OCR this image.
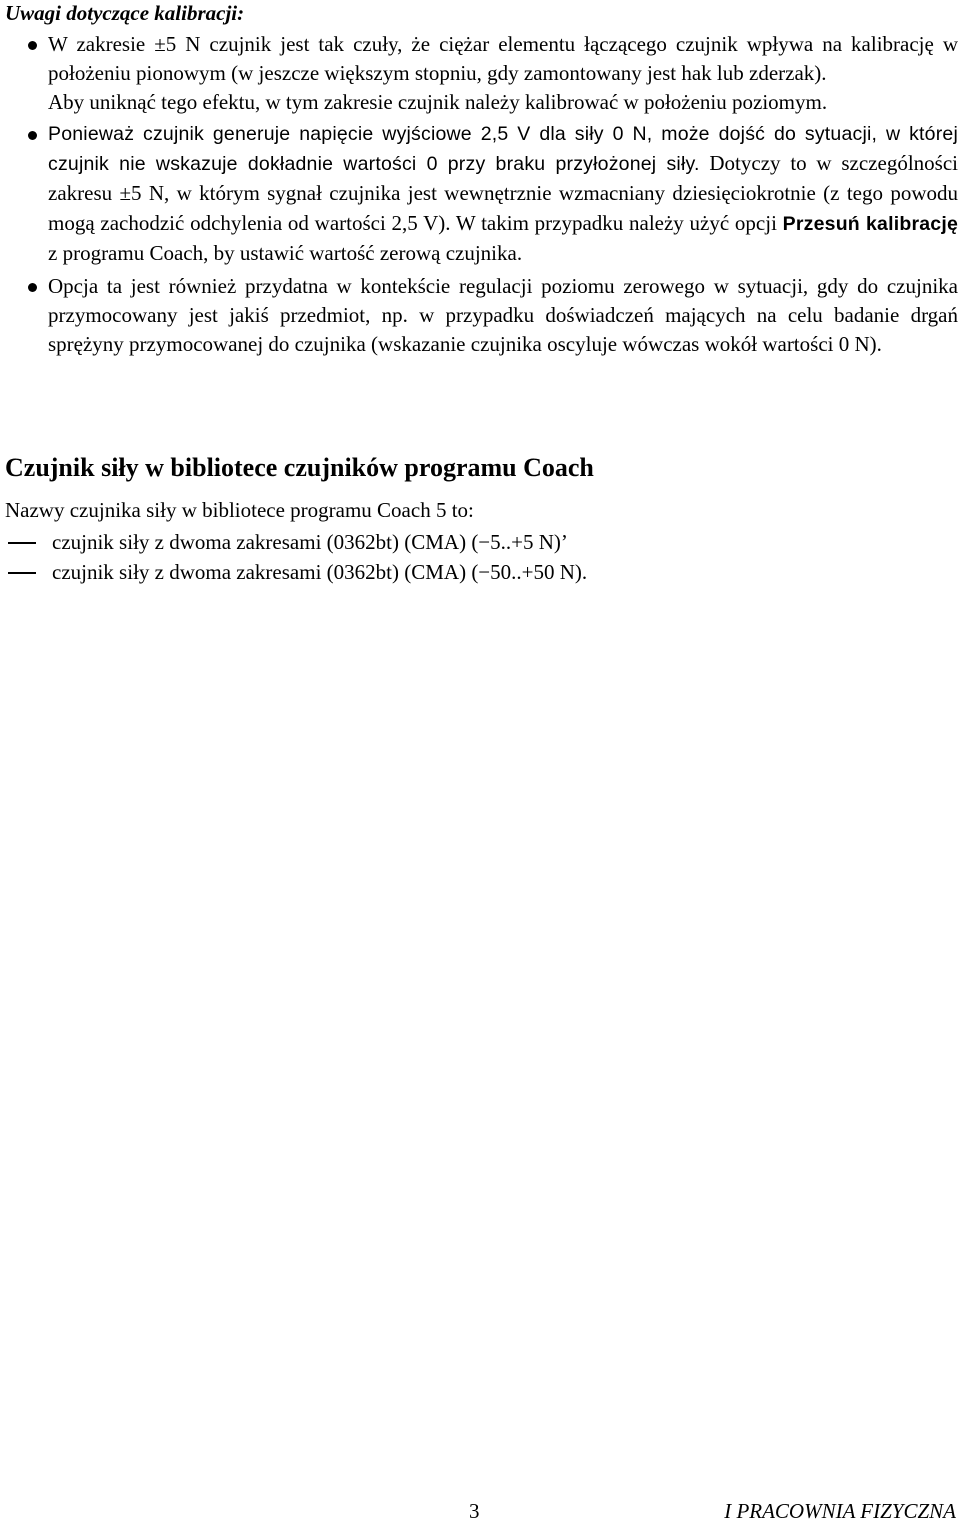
Uwagi dotyczące kalibracji:

W zakresie ±5 N czujnik jest tak czuły, że ciężar elementu łączącego czujnik wpływa na kalibrację w położeniu pionowym (w jeszcze większym stopniu, gdy zamontowany jest hak lub zderzak).

Aby uniknąć tego efektu, w tym zakresie czujnik należy kalibrować w położeniu poziomym.

Ponieważ czujnik generuje napięcie wyjściowe 2,5 V dla siły 0 N, może dojść do sytuacji, w której czujnik nie wskazuje dokładnie wartości 0 przy braku przyłożonej siły. Dotyczy to w szczególności zakresu ±5 N, w którym sygnał czujnika jest wewnętrznie wzmacniany dziesięciokrotnie (z tego powodu mogą zachodzić odchylenia od wartości 2,5 V). W takim przypadku należy użyć opcji Przesuń kalibrację z programu Coach, by ustawić wartość zerową czujnika.

Opcja ta jest również przydatna w kontekście regulacji poziomu zerowego w sytuacji, gdy do czujnika przymocowany jest jakiś przedmiot, np. w przypadku doświadczeń mających na celu badanie drgań sprężyny przymocowanej do czujnika (wskazanie czujnika oscyluje wówczas wokół wartości 0 N).

Czujnik siły w bibliotece czujników programu Coach
Nazwy czujnika siły w bibliotece programu Coach 5 to:
czujnik siły z dwoma zakresami (0362bt) (CMA) (−5..+5 N)’
czujnik siły z dwoma zakresami (0362bt) (CMA) (−50..+50 N).
3	I PRACOWNIA FIZYCZNA
